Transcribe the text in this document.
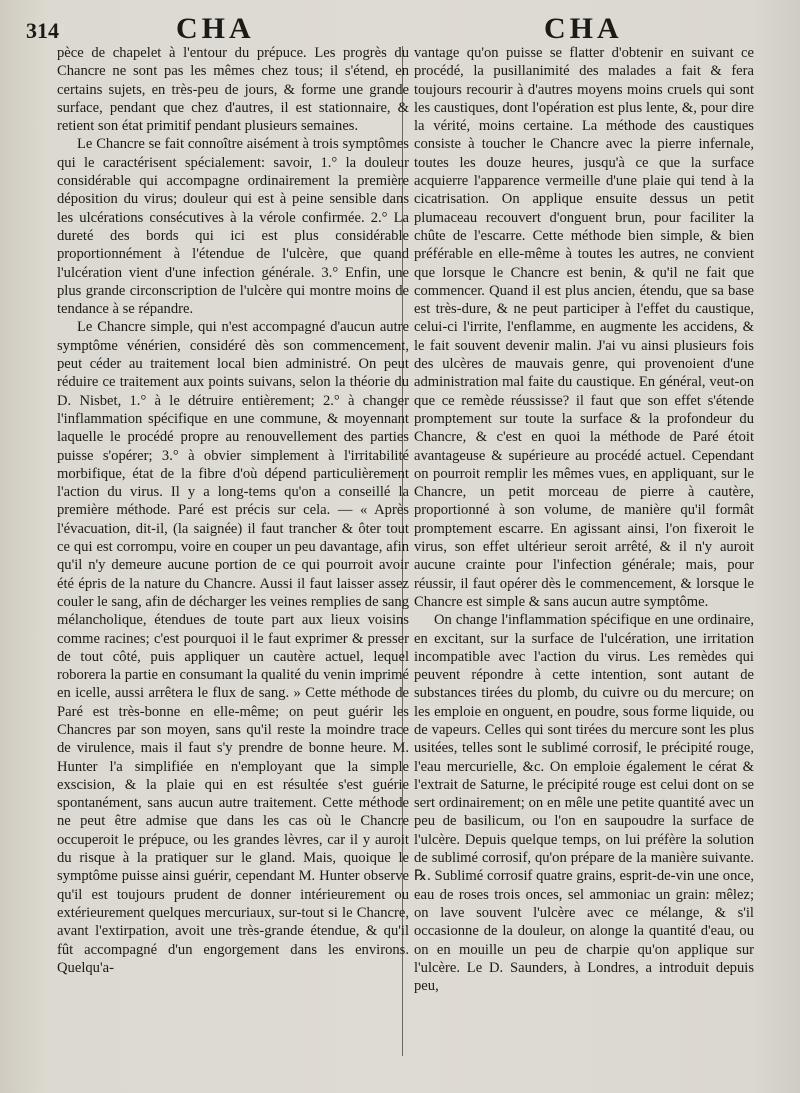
314	CHA	CHA

pèce de chapelet à l'entour du prépuce. Les progrès du Chancre ne sont pas les mêmes chez tous; il s'étend, en certains sujets, en très-peu de jours, & forme une grande surface, pendant que chez d'autres, il est stationnaire, & retient son état primitif pendant plusieurs semaines.

Le Chancre se fait connoître aisément à trois symptômes qui le caractérisent spécialement: savoir, 1.° la douleur considérable qui accompagne ordinairement la première déposition du virus; douleur qui est à peine sensible dans les ulcérations consécutives à la vérole confirmée. 2.° La dureté des bords qui ici est plus considérable proportionnément à l'étendue de l'ulcère, que quand l'ulcération vient d'une infection générale. 3.° Enfin, une plus grande circonscription de l'ulcère qui montre moins de tendance à se répandre.

Le Chancre simple, qui n'est accompagné d'aucun autre symptôme vénérien, considéré dès son commencement, peut céder au traitement local bien administré. On peut réduire ce traitement aux points suivans, selon la théorie du D. Nisbet, 1.° à le détruire entièrement; 2.° à changer l'inflammation spécifique en une commune, & moyennant laquelle le procédé propre au renouvellement des parties puisse s'opérer; 3.° à obvier simplement à l'irritabilité morbifique, état de la fibre d'où dépend particulièrement l'action du virus. Il y a long-tems qu'on a conseillé la première méthode. Paré est précis sur cela. — « Après l'évacuation, dit-il, (la saignée) il faut trancher & ôter tout ce qui est corrompu, voire en couper un peu davantage, afin qu'il n'y demeure aucune portion de ce qui pourroit avoir été épris de la nature du Chancre. Aussi il faut laisser assez couler le sang, afin de décharger les veines remplies de sang mélancholique, étendues de toute part aux lieux voisins comme racines; c'est pourquoi il le faut exprimer & presser de tout côté, puis appliquer un cautère actuel, lequel roborera la partie en consumant la qualité du venin imprimé en icelle, aussi arrêtera le flux de sang. » Cette méthode de Paré est très-bonne en elle-même; on peut guérir les Chancres par son moyen, sans qu'il reste la moindre trace de virulence, mais il faut s'y prendre de bonne heure. M. Hunter l'a simplifiée en n'employant que la simple exscision, & la plaie qui en est résultée s'est guérie spontanément, sans aucun autre traitement. Cette méthode ne peut être admise que dans les cas où le Chancre occuperoit le prépuce, ou les grandes lèvres, car il y auroit du risque à la pratiquer sur le gland. Mais, quoique le symptôme puisse ainsi guérir, cependant M. Hunter observe qu'il est toujours prudent de donner intérieurement ou extérieurement quelques mercuriaux, sur-tout si le Chancre, avant l'extirpation, avoit une très-grande étendue, & qu'il fût accompagné d'un engorgement dans les environs. Quelqu'a-

vantage qu'on puisse se flatter d'obtenir en suivant ce procédé, la pusillanimité des malades a fait & fera toujours recourir à d'autres moyens moins cruels qui sont les caustiques, dont l'opération est plus lente, &, pour dire la vérité, moins certaine. La méthode des caustiques consiste à toucher le Chancre avec la pierre infernale, toutes les douze heures, jusqu'à ce que la surface acquierre l'apparence vermeille d'une plaie qui tend à la cicatrisation. On applique ensuite dessus un petit plumaceau recouvert d'onguent brun, pour faciliter la chûte de l'escarre. Cette méthode bien simple, & bien préférable en elle-même à toutes les autres, ne convient que lorsque le Chancre est benin, & qu'il ne fait que commencer. Quand il est plus ancien, étendu, que sa base est très-dure, & ne peut participer à l'effet du caustique, celui-ci l'irrite, l'enflamme, en augmente les accidens, & le fait souvent devenir malin. J'ai vu ainsi plusieurs fois des ulcères de mauvais genre, qui provenoient d'une administration mal faite du caustique. En général, veut-on que ce remède réussisse? il faut que son effet s'étende promptement sur toute la surface & la profondeur du Chancre, & c'est en quoi la méthode de Paré étoit avantageuse & supérieure au procédé actuel. Cependant on pourroit remplir les mêmes vues, en appliquant, sur le Chancre, un petit morceau de pierre à cautère, proportionné à son volume, de manière qu'il formât promptement escarre. En agissant ainsi, l'on fixeroit le virus, son effet ultérieur seroit arrêté, & il n'y auroit aucune crainte pour l'infection générale; mais, pour réussir, il faut opérer dès le commencement, & lorsque le Chancre est simple & sans aucun autre symptôme.

On change l'inflammation spécifique en une ordinaire, en excitant, sur la surface de l'ulcération, une irritation incompatible avec l'action du virus. Les remèdes qui peuvent répondre à cette intention, sont autant de substances tirées du plomb, du cuivre ou du mercure; on les emploie en onguent, en poudre, sous forme liquide, ou de vapeurs. Celles qui sont tirées du mercure sont les plus usitées, telles sont le sublimé corrosif, le précipité rouge, l'eau mercurielle, &c. On emploie également le cérat & l'extrait de Saturne, le précipité rouge est celui dont on se sert ordinairement; on en mêle une petite quantité avec un peu de basilicum, ou l'on en saupoudre la surface de l'ulcère. Depuis quelque temps, on lui préfère la solution de sublimé corrosif, qu'on prépare de la manière suivante. ℞. Sublimé corrosif quatre grains, esprit-de-vin une once, eau de roses trois onces, sel ammoniac un grain: mêlez; on lave souvent l'ulcère avec ce mélange, & s'il occasionne de la douleur, on alonge la quantité d'eau, ou on en mouille un peu de charpie qu'on applique sur l'ulcère. Le D. Saunders, à Londres, a introduit depuis peu,
